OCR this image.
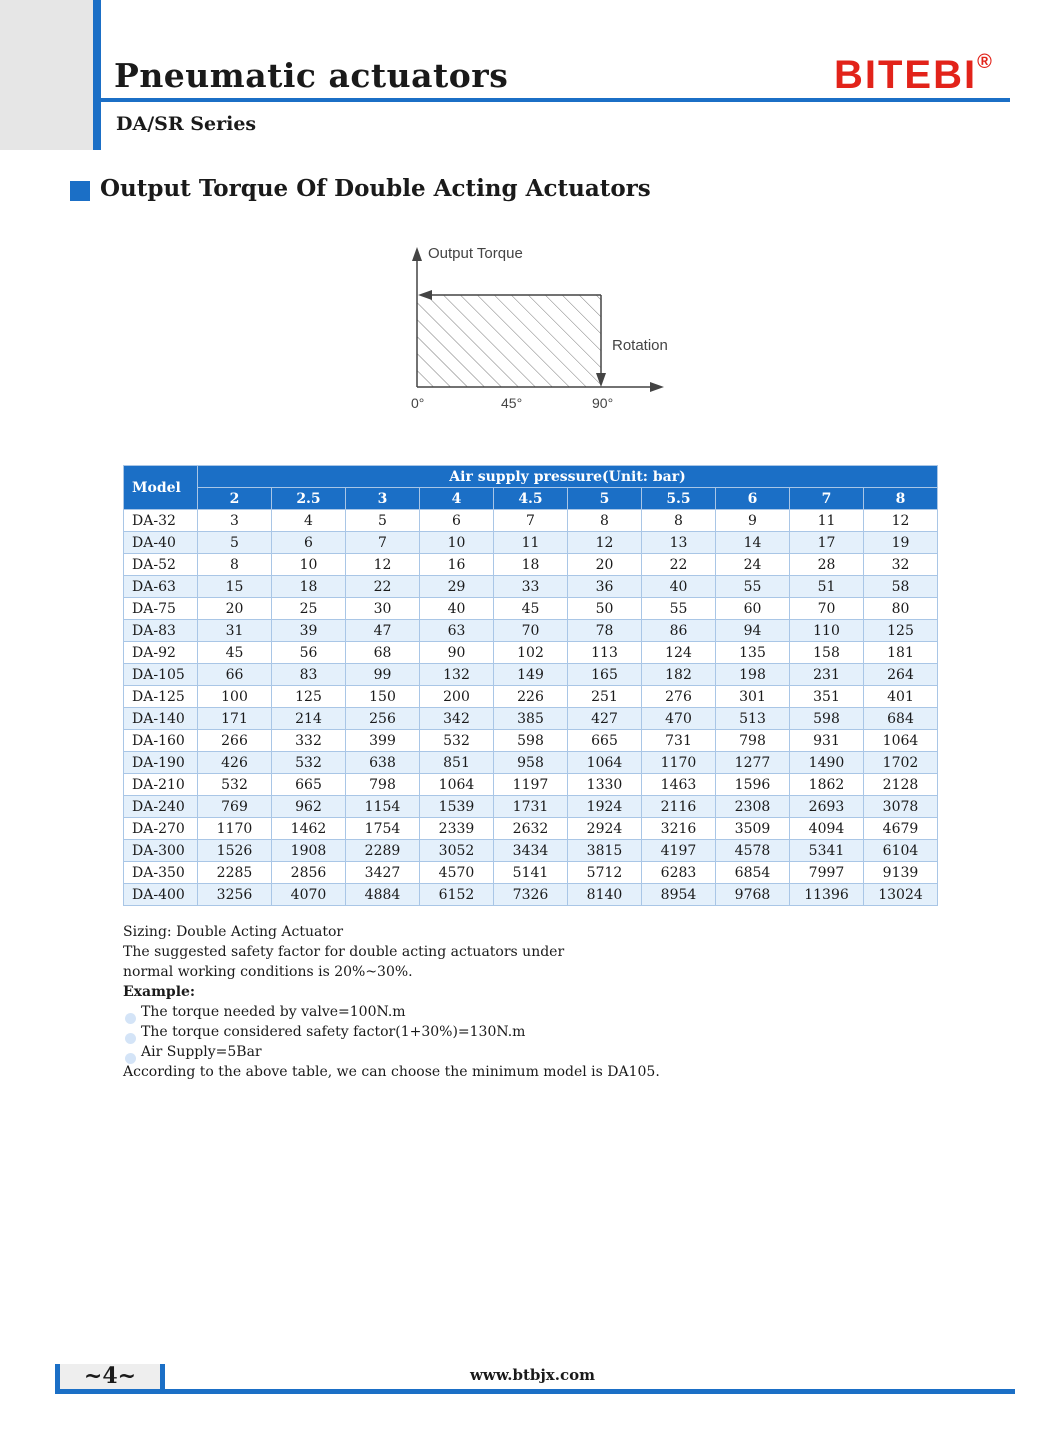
Pneumatic actuators
DA/SR Series
BITEBI®
Output Torque Of Double Acting Actuators
Output Torque
Rotation
0°	45°	90°
Model	Air supply pressure(Unit: bar)									
	2	2.5	3	4	4.5	5	5.5	6	7	8
DA-32	3	4	5	6	7	8	8	9	11	12
DA-40	5	6	7	10	11	12	13	14	17	19
DA-52	8	10	12	16	18	20	22	24	28	32
DA-63	15	18	22	29	33	36	40	55	51	58
DA-75	20	25	30	40	45	50	55	60	70	80
DA-83	31	39	47	63	70	78	86	94	110	125
DA-92	45	56	68	90	102	113	124	135	158	181
DA-105	66	83	99	132	149	165	182	198	231	264
DA-125	100	125	150	200	226	251	276	301	351	401
DA-140	171	214	256	342	385	427	470	513	598	684
DA-160	266	332	399	532	598	665	731	798	931	1064
DA-190	426	532	638	851	958	1064	1170	1277	1490	1702
DA-210	532	665	798	1064	1197	1330	1463	1596	1862	2128
DA-240	769	962	1154	1539	1731	1924	2116	2308	2693	3078
DA-270	1170	1462	1754	2339	2632	2924	3216	3509	4094	4679
DA-300	1526	1908	2289	3052	3434	3815	4197	4578	5341	6104
DA-350	2285	2856	3427	4570	5141	5712	6283	6854	7997	9139
DA-400	3256	4070	4884	6152	7326	8140	8954	9768	11396	13024
Sizing: Double Acting Actuator
The suggested safety factor for double acting actuators under
normal working conditions is 20%~30%.
Example:
The torque needed by valve=100N.m
The torque considered safety factor(1+30%)=130N.m
Air Supply=5Bar
According to the above table, we can choose the minimum model is DA105.
~4~	www.btbjx.com
